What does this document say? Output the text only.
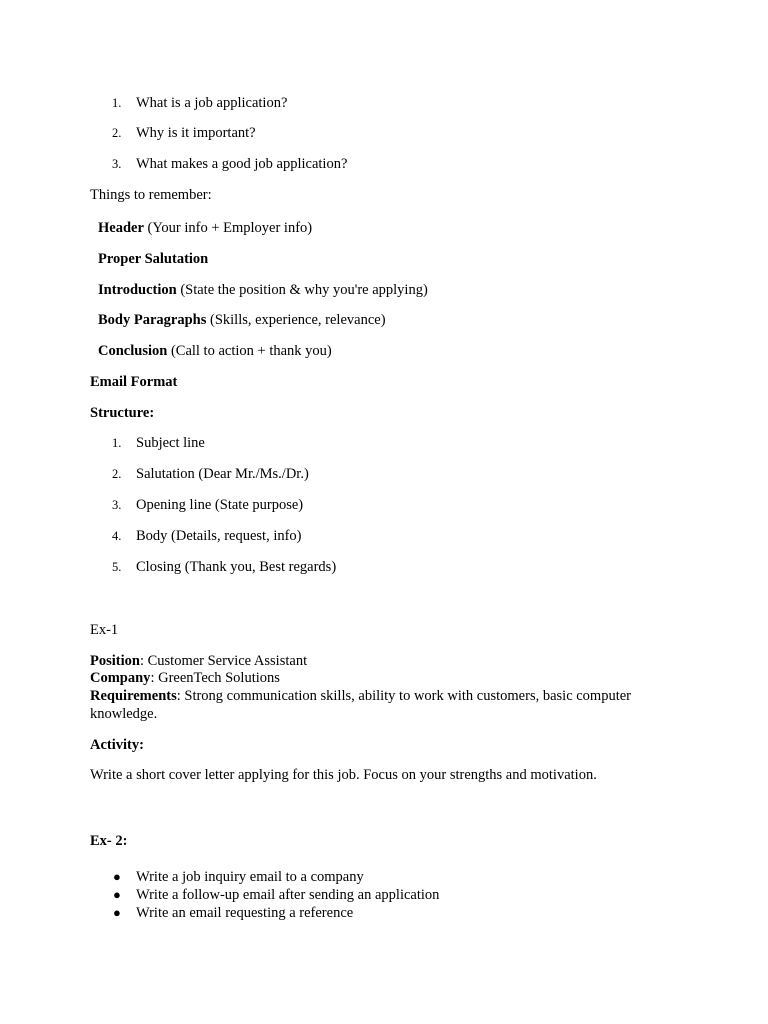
1. What is a job application?
2. Why is it important?
3. What makes a good job application?
Things to remember:
Header (Your info + Employer info)
Proper Salutation
Introduction (State the position & why you're applying)
Body Paragraphs (Skills, experience, relevance)
Conclusion (Call to action + thank you)
Email Format
Structure:
1. Subject line
2. Salutation (Dear Mr./Ms./Dr.)
3. Opening line (State purpose)
4. Body (Details, request, info)
5. Closing (Thank you, Best regards)
Ex-1
Position: Customer Service Assistant
Company: GreenTech Solutions
Requirements: Strong communication skills, ability to work with customers, basic computer knowledge.
Activity:
Write a short cover letter applying for this job. Focus on your strengths and motivation.
Ex- 2:
● Write a job inquiry email to a company
● Write a follow-up email after sending an application
● Write an email requesting a reference
